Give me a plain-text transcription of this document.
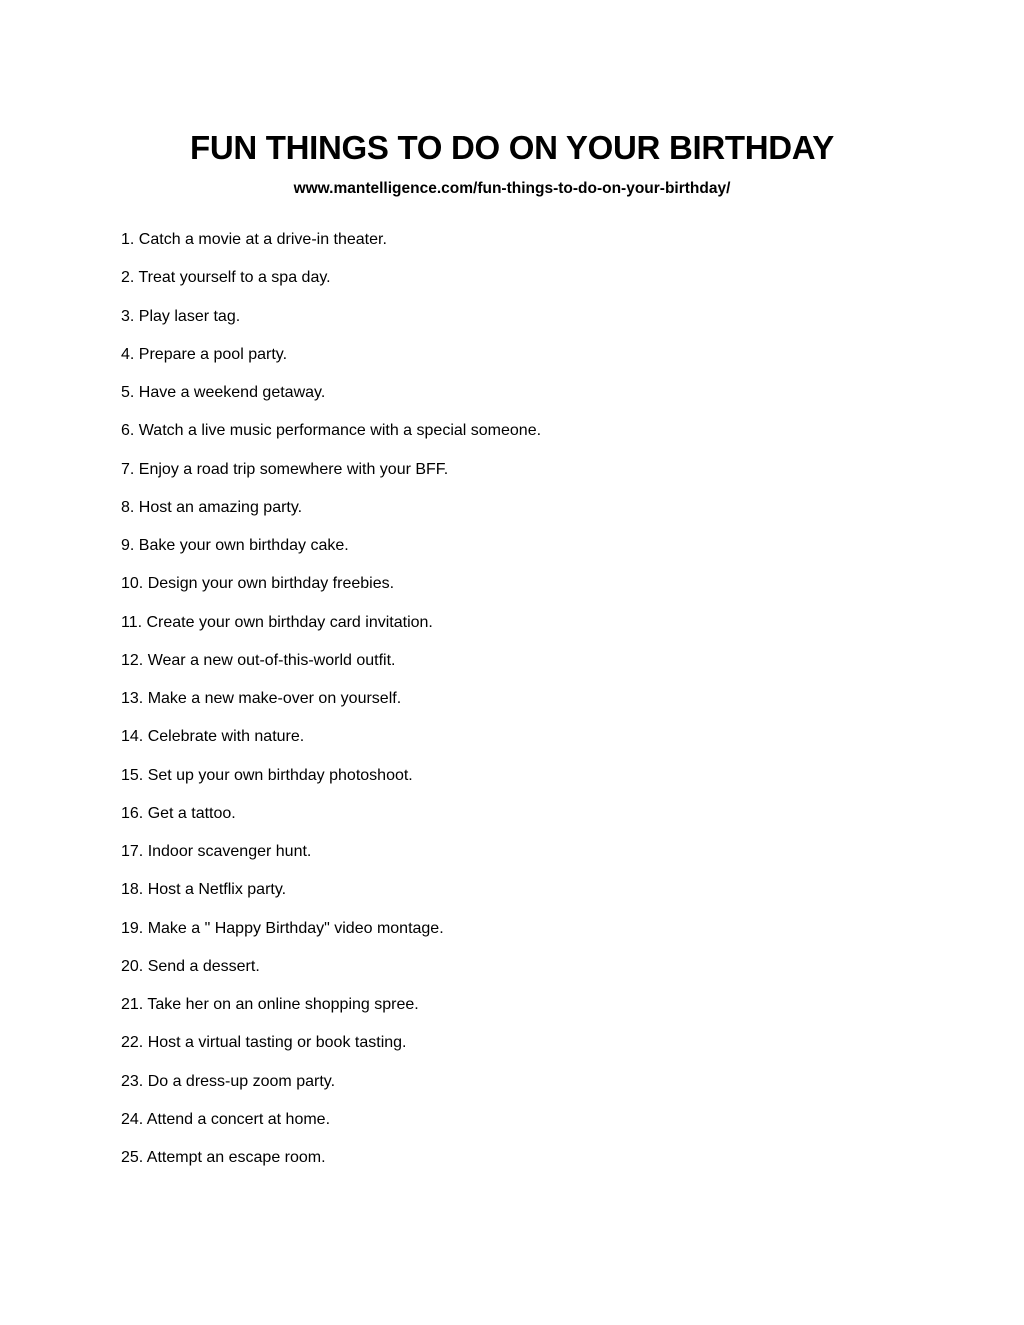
FUN THINGS TO DO ON YOUR BIRTHDAY
www.mantelligence.com/fun-things-to-do-on-your-birthday/
1. Catch a movie at a drive-in theater.
2. Treat yourself to a spa day.
3. Play laser tag.
4. Prepare a pool party.
5. Have a weekend getaway.
6. Watch a live music performance with a special someone.
7. Enjoy a road trip somewhere with your BFF.
8. Host an amazing party.
9. Bake your own birthday cake.
10. Design your own birthday freebies.
11. Create your own birthday card invitation.
12. Wear a new out-of-this-world outfit.
13. Make a new make-over on yourself.
14. Celebrate with nature.
15. Set up your own birthday photoshoot.
16. Get a tattoo.
17. Indoor scavenger hunt.
18. Host a Netflix party.
19. Make a " Happy Birthday" video montage.
20. Send a dessert.
21. Take her on an online shopping spree.
22. Host a virtual tasting or book tasting.
23. Do a dress-up zoom party.
24. Attend a concert at home.
25. Attempt an escape room.
